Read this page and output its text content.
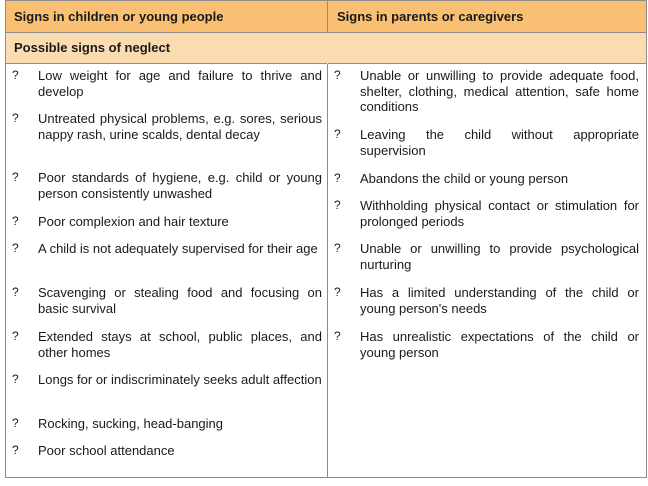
Signs in children or young people	Signs in parents or caregivers
Possible signs of neglect
? Low weight for age and failure to thrive and develop
? Untreated physical problems, e.g. sores, serious nappy rash, urine scalds, dental decay
? Poor standards of hygiene, e.g. child or young person consistently unwashed
? Poor complexion and hair texture
? A child is not adequately supervised for their age
? Scavenging or stealing food and focusing on basic survival
? Extended stays at school, public places, and other homes
? Longs for or indiscriminately seeks adult affection
? Rocking, sucking, head-banging
? Poor school attendance
? Unable or unwilling to provide adequate food, shelter, clothing, medical attention, safe home conditions
? Leaving the child without appropriate supervision
? Abandons the child or young person
? Withholding physical contact or stimulation for prolonged periods
? Unable or unwilling to provide psychological nurturing
? Has a limited understanding of the child or young person's needs
? Has unrealistic expectations of the child or young person
